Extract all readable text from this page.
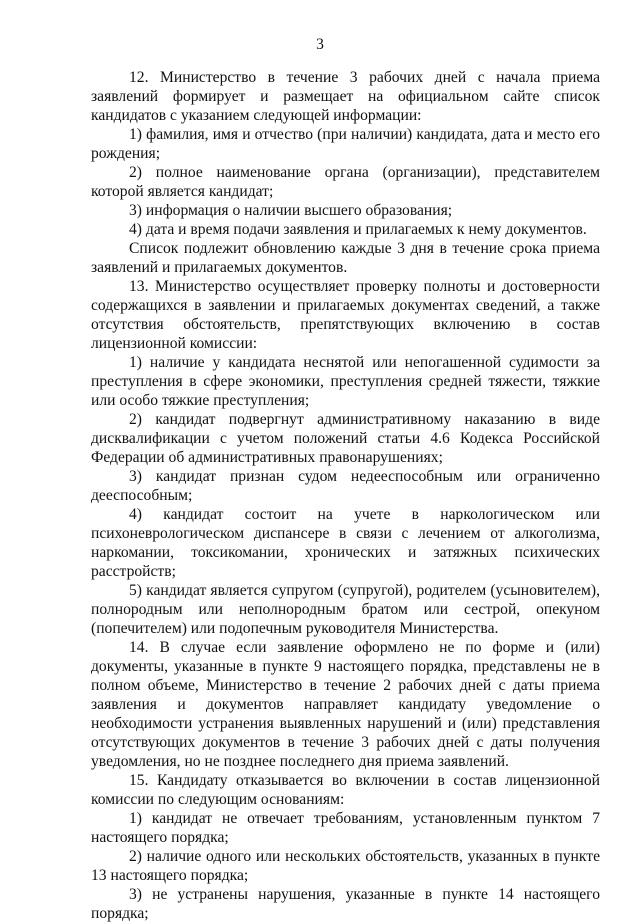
3

12. Министерство в течение 3 рабочих дней с начала приема заявлений формирует и размещает на официальном сайте список кандидатов с указанием следующей информации:

1) фамилия, имя и отчество (при наличии) кандидата, дата и место его рождения;

2) полное наименование органа (организации), представителем которой является кандидат;

3) информация о наличии высшего образования;

4) дата и время подачи заявления и прилагаемых к нему документов.

Список подлежит обновлению каждые 3 дня в течение срока приема заявлений и прилагаемых документов.

13. Министерство осуществляет проверку полноты и достоверности содержащихся в заявлении и прилагаемых документах сведений, а также отсутствия обстоятельств, препятствующих включению в состав лицензионной комиссии:

1) наличие у кандидата неснятой или непогашенной судимости за преступления в сфере экономики, преступления средней тяжести, тяжкие или особо тяжкие преступления;

2) кандидат подвергнут административному наказанию в виде дисквалификации с учетом положений статьи 4.6 Кодекса Российской Федерации об административных правонарушениях;

3) кандидат признан судом недееспособным или ограниченно дееспособным;

4) кандидат состоит на учете в наркологическом или психоневрологическом диспансере в связи с лечением от алкоголизма, наркомании, токсикомании, хронических и затяжных психических расстройств;

5) кандидат является супругом (супругой), родителем (усыновителем), полнородным или неполнородным братом или сестрой, опекуном (попечителем) или подопечным руководителя Министерства.

14. В случае если заявление оформлено не по форме и (или) документы, указанные в пункте 9 настоящего порядка, представлены не в полном объеме, Министерство в течение 2 рабочих дней с даты приема заявления и документов направляет кандидату уведомление о необходимости устранения выявленных нарушений и (или) представления отсутствующих документов в течение 3 рабочих дней с даты получения уведомления, но не позднее последнего дня приема заявлений.

15. Кандидату отказывается во включении в состав лицензионной комиссии по следующим основаниям:

1) кандидат не отвечает требованиям, установленным пунктом 7 настоящего порядка;

2) наличие одного или нескольких обстоятельств, указанных в пункте 13 настоящего порядка;

3) не устранены нарушения, указанные в пункте 14 настоящего порядка;
